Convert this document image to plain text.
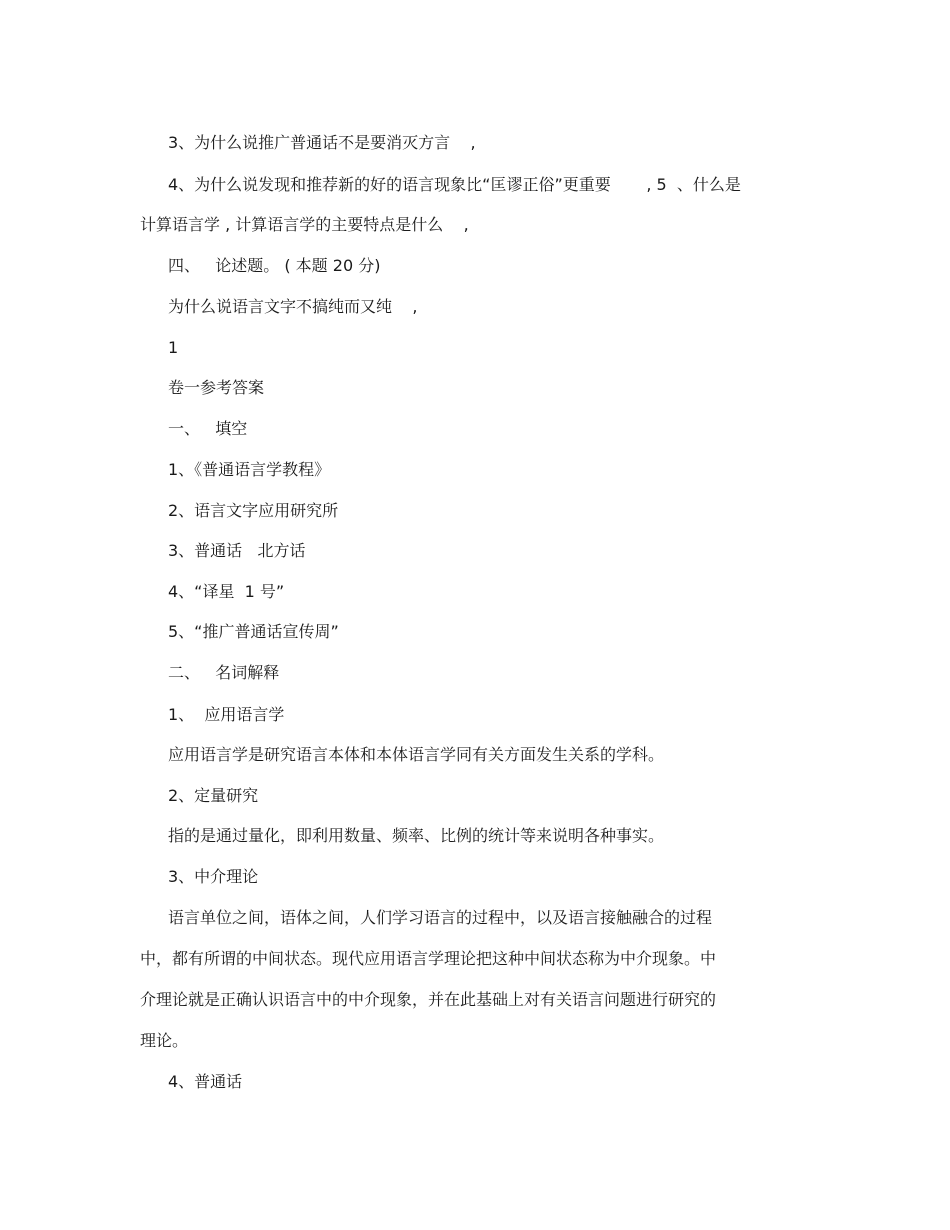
3、为什么说推广普通话不是要消灭方言    ,
4、为什么说发现和推荐新的好的语言现象比“匡谬正俗”更重要       , 5  、什么是
计算语言学 , 计算语言学的主要特点是什么    ,
四、   论述题。 ( 本题 20 分)
为什么说语言文字不搞纯而又纯    ,
1
卷一参考答案
一、   填空
1、《普通语言学教程》
2、语言文字应用研究所
3、普通话   北方话
4、“译星  1 号”
5、“推广普通话宣传周”
二、   名词解释
1、  应用语言学
应用语言学是研究语言本体和本体语言学同有关方面发生关系的学科。
2、定量研究
指的是通过量化，即利用数量、频率、比例的统计等来说明各种事实。
3、中介理论
语言单位之间，语体之间，人们学习语言的过程中，以及语言接触融合的过程
中，都有所谓的中间状态。现代应用语言学理论把这种中间状态称为中介现象。中
介理论就是正确认识语言中的中介现象，并在此基础上对有关语言问题进行研究的
理论。
4、普通话
